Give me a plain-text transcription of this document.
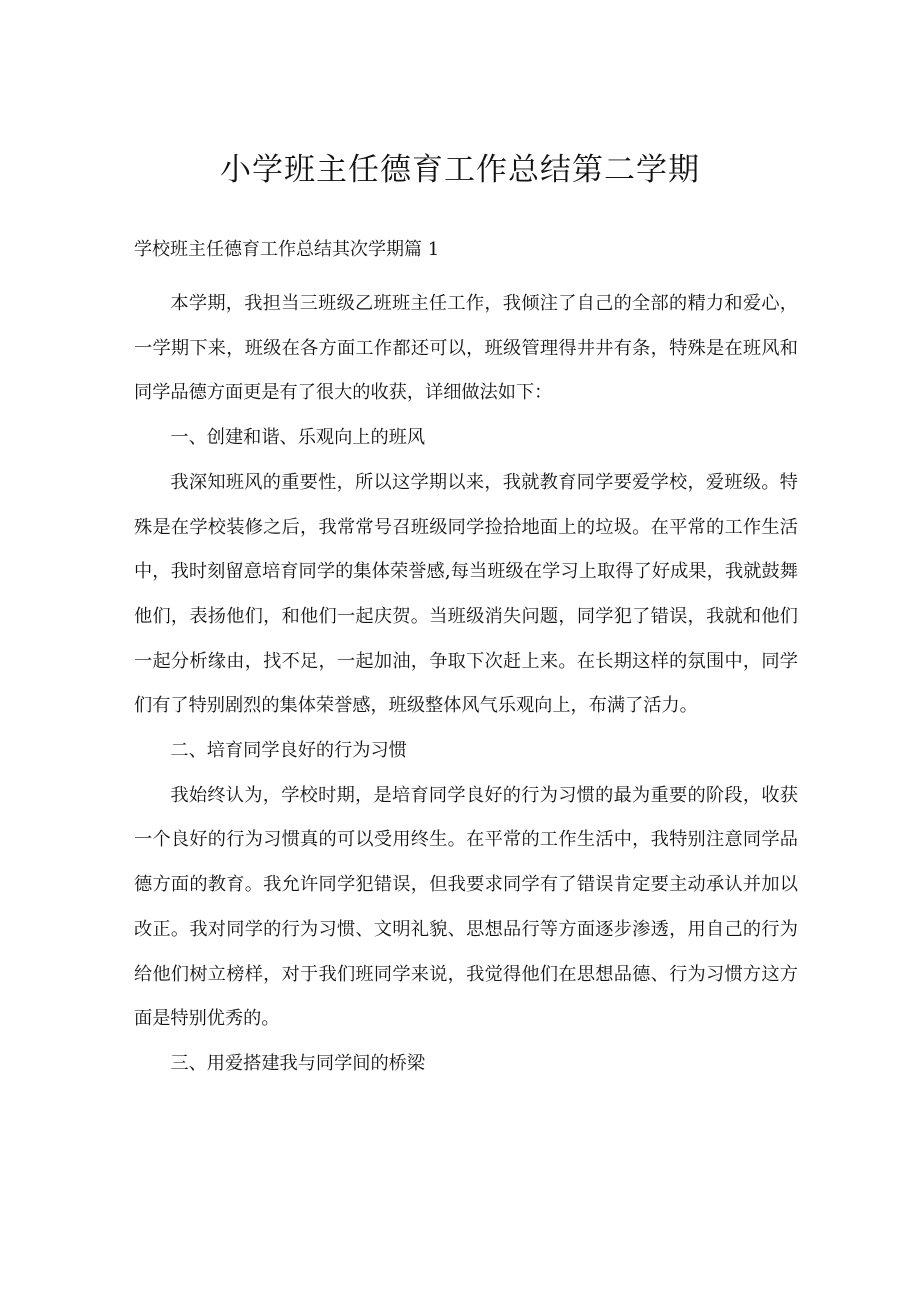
小学班主任德育工作总结第二学期

学校班主任德育工作总结其次学期篇 1

本学期，我担当三班级乙班班主任工作，我倾注了自己的全部的精力和爱心，一学期下来，班级在各方面工作都还可以，班级管理得井井有条，特殊是在班风和同学品德方面更是有了很大的收获，详细做法如下：

一、创建和谐、乐观向上的班风

我深知班风的重要性，所以这学期以来，我就教育同学要爱学校，爱班级。特殊是在学校装修之后，我常常号召班级同学捡拾地面上的垃圾。在平常的工作生活中，我时刻留意培育同学的集体荣誉感,每当班级在学习上取得了好成果，我就鼓舞他们，表扬他们，和他们一起庆贺。当班级消失问题，同学犯了错误，我就和他们一起分析缘由，找不足，一起加油，争取下次赶上来。在长期这样的氛围中，同学们有了特别剧烈的集体荣誉感，班级整体风气乐观向上，布满了活力。

二、培育同学良好的行为习惯

我始终认为，学校时期，是培育同学良好的行为习惯的最为重要的阶段，收获一个良好的行为习惯真的可以受用终生。在平常的工作生活中，我特别注意同学品德方面的教育。我允许同学犯错误，但我要求同学有了错误肯定要主动承认并加以改正。我对同学的行为习惯、文明礼貌、思想品行等方面逐步渗透，用自己的行为给他们树立榜样，对于我们班同学来说，我觉得他们在思想品德、行为习惯方这方面是特别优秀的。

三、用爱搭建我与同学间的桥梁
